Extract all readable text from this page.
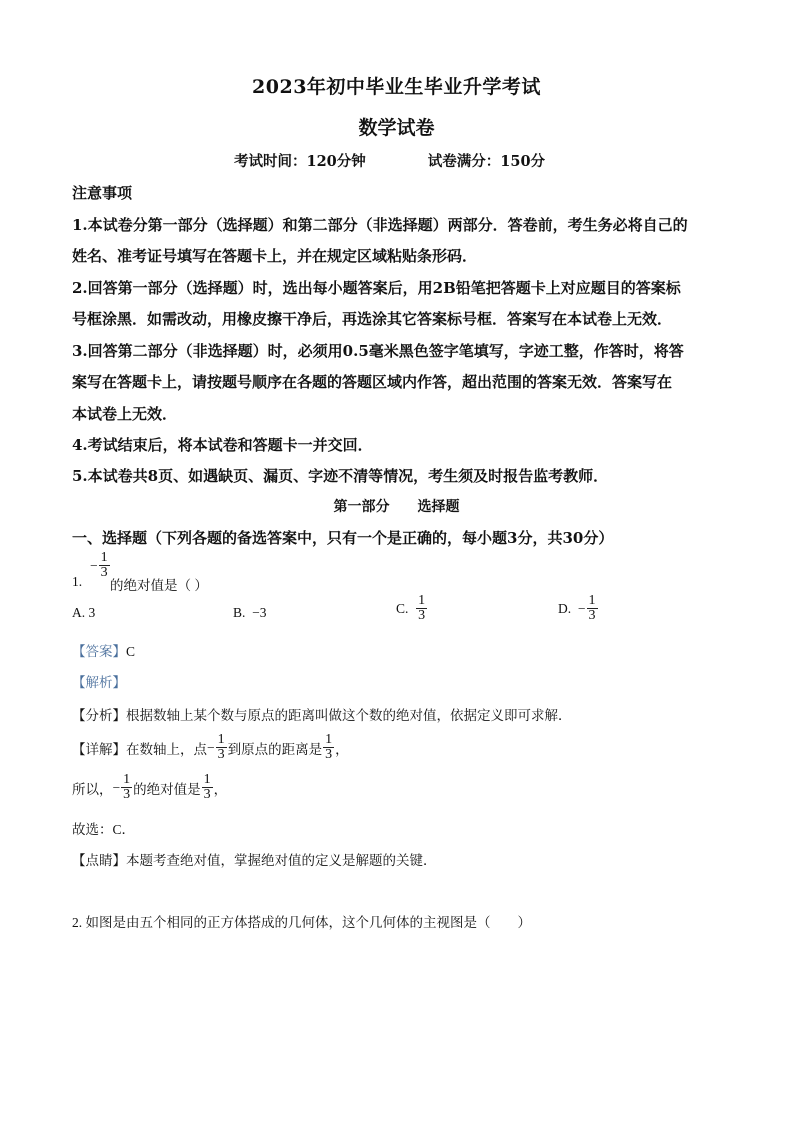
2023年初中毕业生毕业升学考试
数学试卷
考试时间：120分钟	试卷满分：150分
注意事项
1.本试卷分第一部分（选择题）和第二部分（非选择题）两部分．答卷前，考生务必将自己的
姓名、准考证号填写在答题卡上，并在规定区域粘贴条形码．
2.回答第一部分（选择题）时，选出每小题答案后，用2B铅笔把答题卡上对应题目的答案标
号框涂黑．如需改动，用橡皮擦干净后，再选涂其它答案标号框．答案写在本试卷上无效．
3.回答第二部分（非选择题）时，必须用0.5毫米黑色签字笔填写，字迹工整，作答时，将答
案写在答题卡上，请按题号顺序在各题的答题区域内作答，超出范围的答案无效．答案写在
本试卷上无效．
4.考试结束后，将本试卷和答题卡一并交回．
5.本试卷共8页、如遇缺页、漏页、字迹不清等情况，考生须及时报告监考教师．
第一部分　　选择题
一、选择题（下列各题的备选答案中，只有一个是正确的，每小题3分，共30分）
1.
− $\frac{1}{3}$
的绝对值是（ ）
A. 3	B. −3	C.
$\frac{1}{3}$	D.
− $\frac{1}{3}$
【答案】C
【解析】
【分析】根据数轴上某个数与原点的距离叫做这个数的绝对值，依据定义即可求解．
【详解】 在数轴上，点 − $\frac{1}{3}$ 到原点的距离是 $\frac{1}{3}$ ，
所以， − $\frac{1}{3}$ 的绝对值是 $\frac{1}{3}$ ，
故选：C．
【点睛】本题考查绝对值，掌握绝对值的定义是解题的关键．
2. 如图是由五个相同的正方体搭成的几何体，这个几何体的主视图是（　　）
